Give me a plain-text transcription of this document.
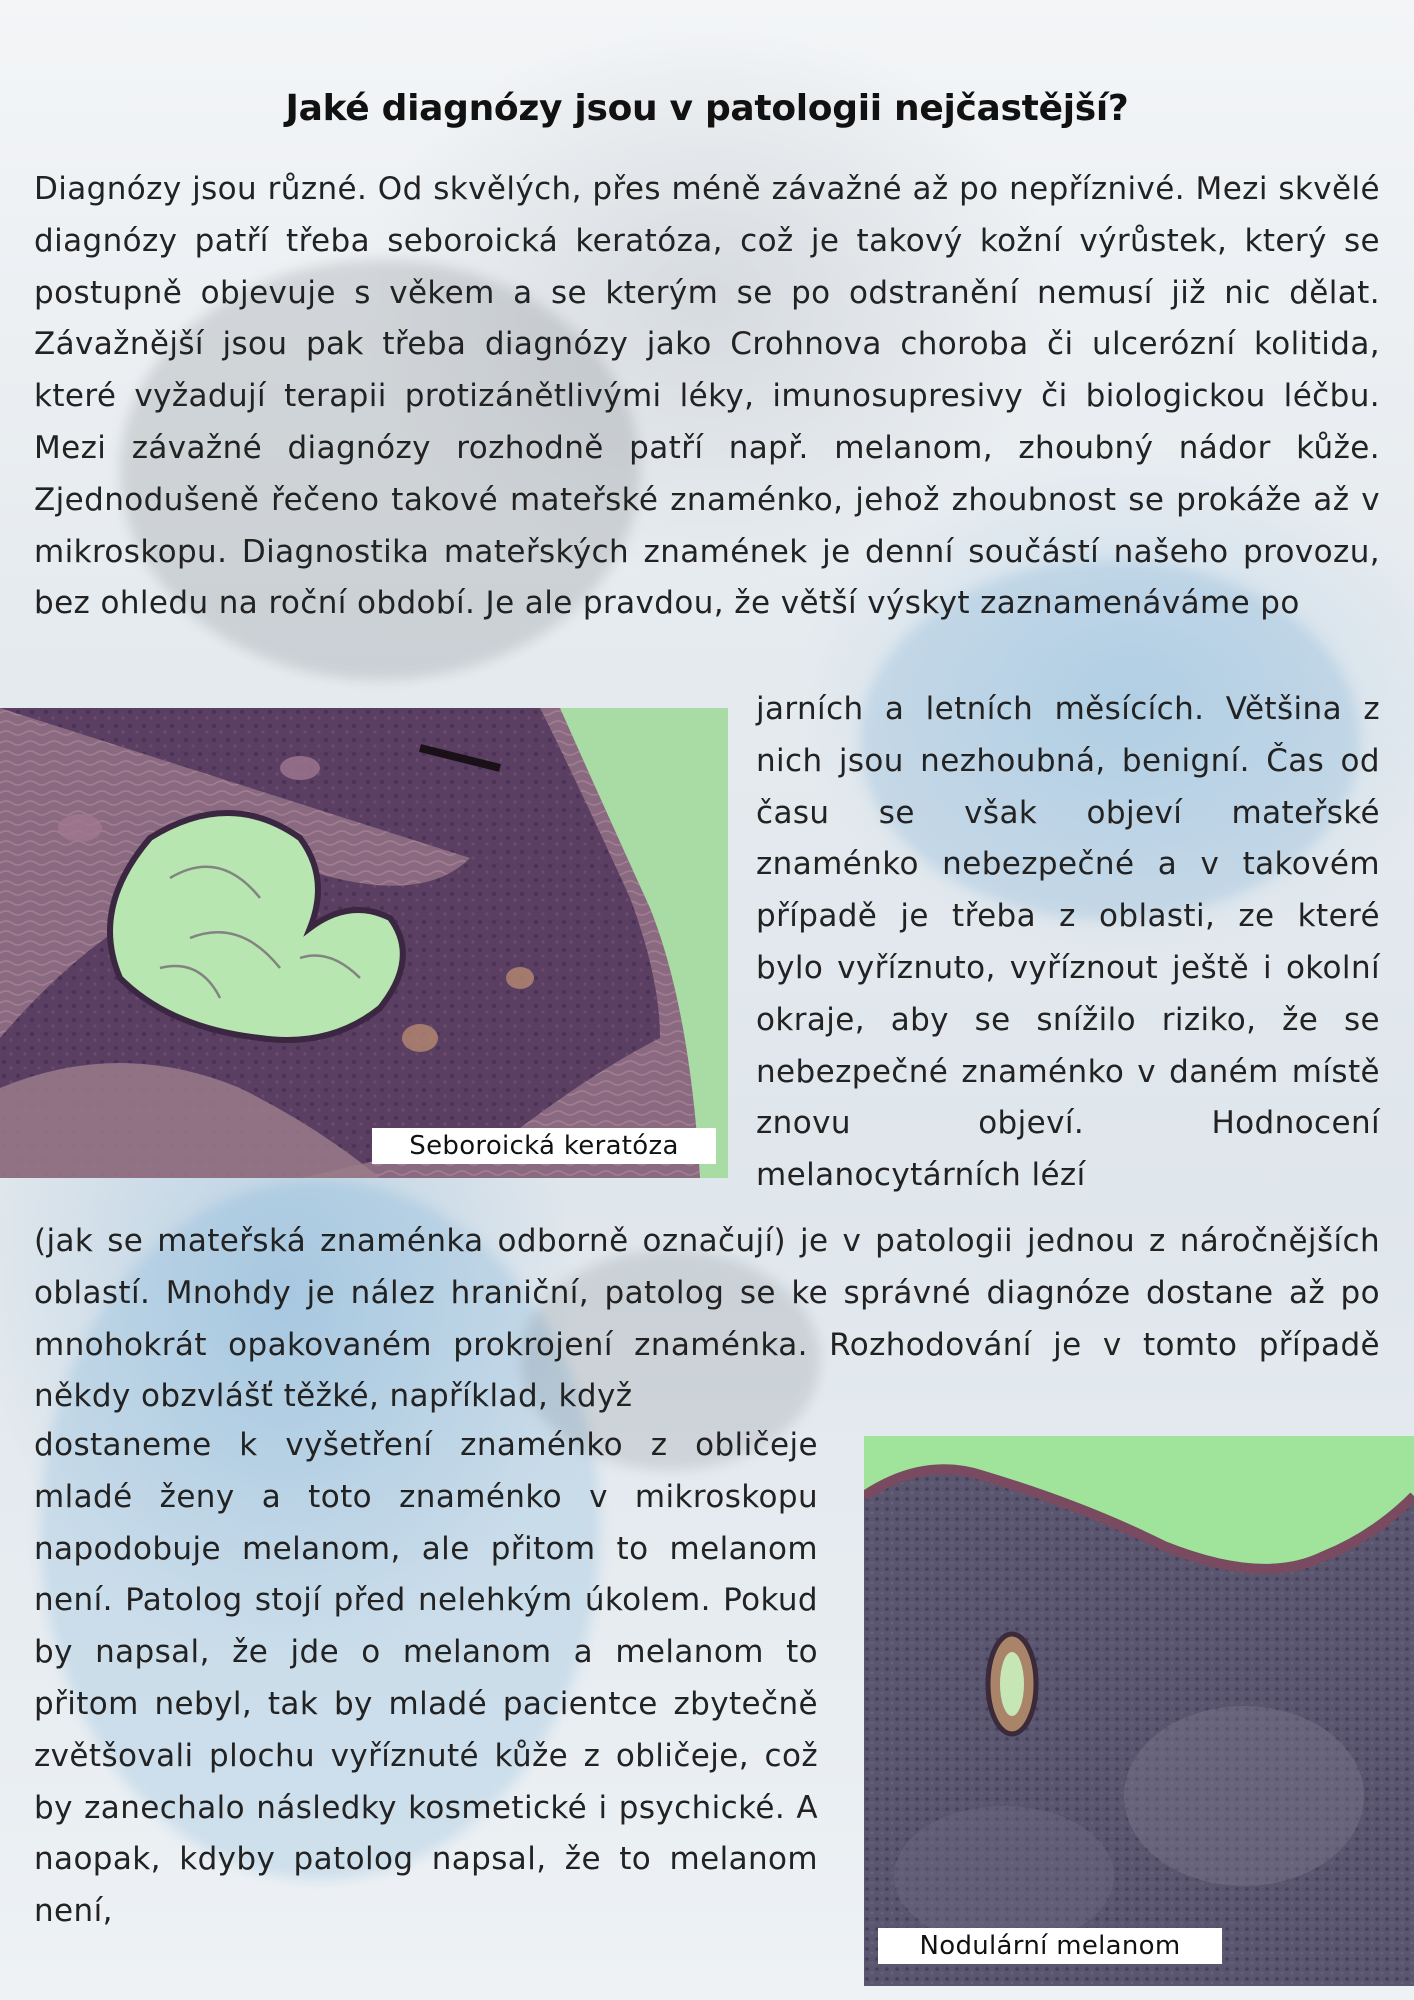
Jaké diagnózy jsou v patologii nejčastější?

Diagnózy jsou různé. Od skvělých, přes méně závažné až po nepříznivé. Mezi skvělé diagnózy patří třeba seboroická keratóza, což je takový kožní výrůstek, který se postupně objevuje s věkem a se kterým se po odstranění nemusí již nic dělat. Závažnější jsou pak třeba diagnózy jako Crohnova choroba či ulcerózní kolitida, které vyžadují terapii protizánětlivými léky, imunosupresivy či biologickou léčbu. Mezi závažné diagnózy rozhodně patří např. melanom, zhoubný nádor kůže. Zjednodušeně řečeno takové mateřské znaménko, jehož zhoubnost se prokáže až v mikroskopu. Diagnostika mateřských znamének je denní součástí našeho provozu, bez ohledu na roční období. Je ale pravdou, že větší výskyt zaznamenáváme po

Seboroická keratóza

jarních a letních měsících. Většina z nich jsou nezhoubná, benigní. Čas od času se však objeví mateřské znaménko nebezpečné a v takovém případě je třeba z oblasti, ze které bylo vyříznuto, vyříznout ještě i okolní okraje, aby se snížilo riziko, že se nebezpečné znaménko v daném místě znovu objeví. Hodnocení melanocytárních lézí

(jak se mateřská znaménka odborně označují) je v patologii jednou z náročnějších oblastí. Mnohdy je nález hraniční, patolog se ke správné diagnóze dostane až po mnohokrát opakovaném prokrojení znaménka. Rozhodování je v tomto případě někdy obzvlášť těžké, například, když

dostaneme k vyšetření znaménko z obličeje mladé ženy a toto znaménko v mikroskopu napodobuje melanom, ale přitom to melanom není. Patolog stojí před nelehkým úkolem. Pokud by napsal, že jde o melanom a melanom to přitom nebyl, tak by mladé pacientce zbytečně zvětšovali plochu vyříznuté kůže z obličeje, což by zanechalo následky kosmetické i psychické. A naopak, kdyby patolog napsal, že to melanom není,

Nodulární melanom
